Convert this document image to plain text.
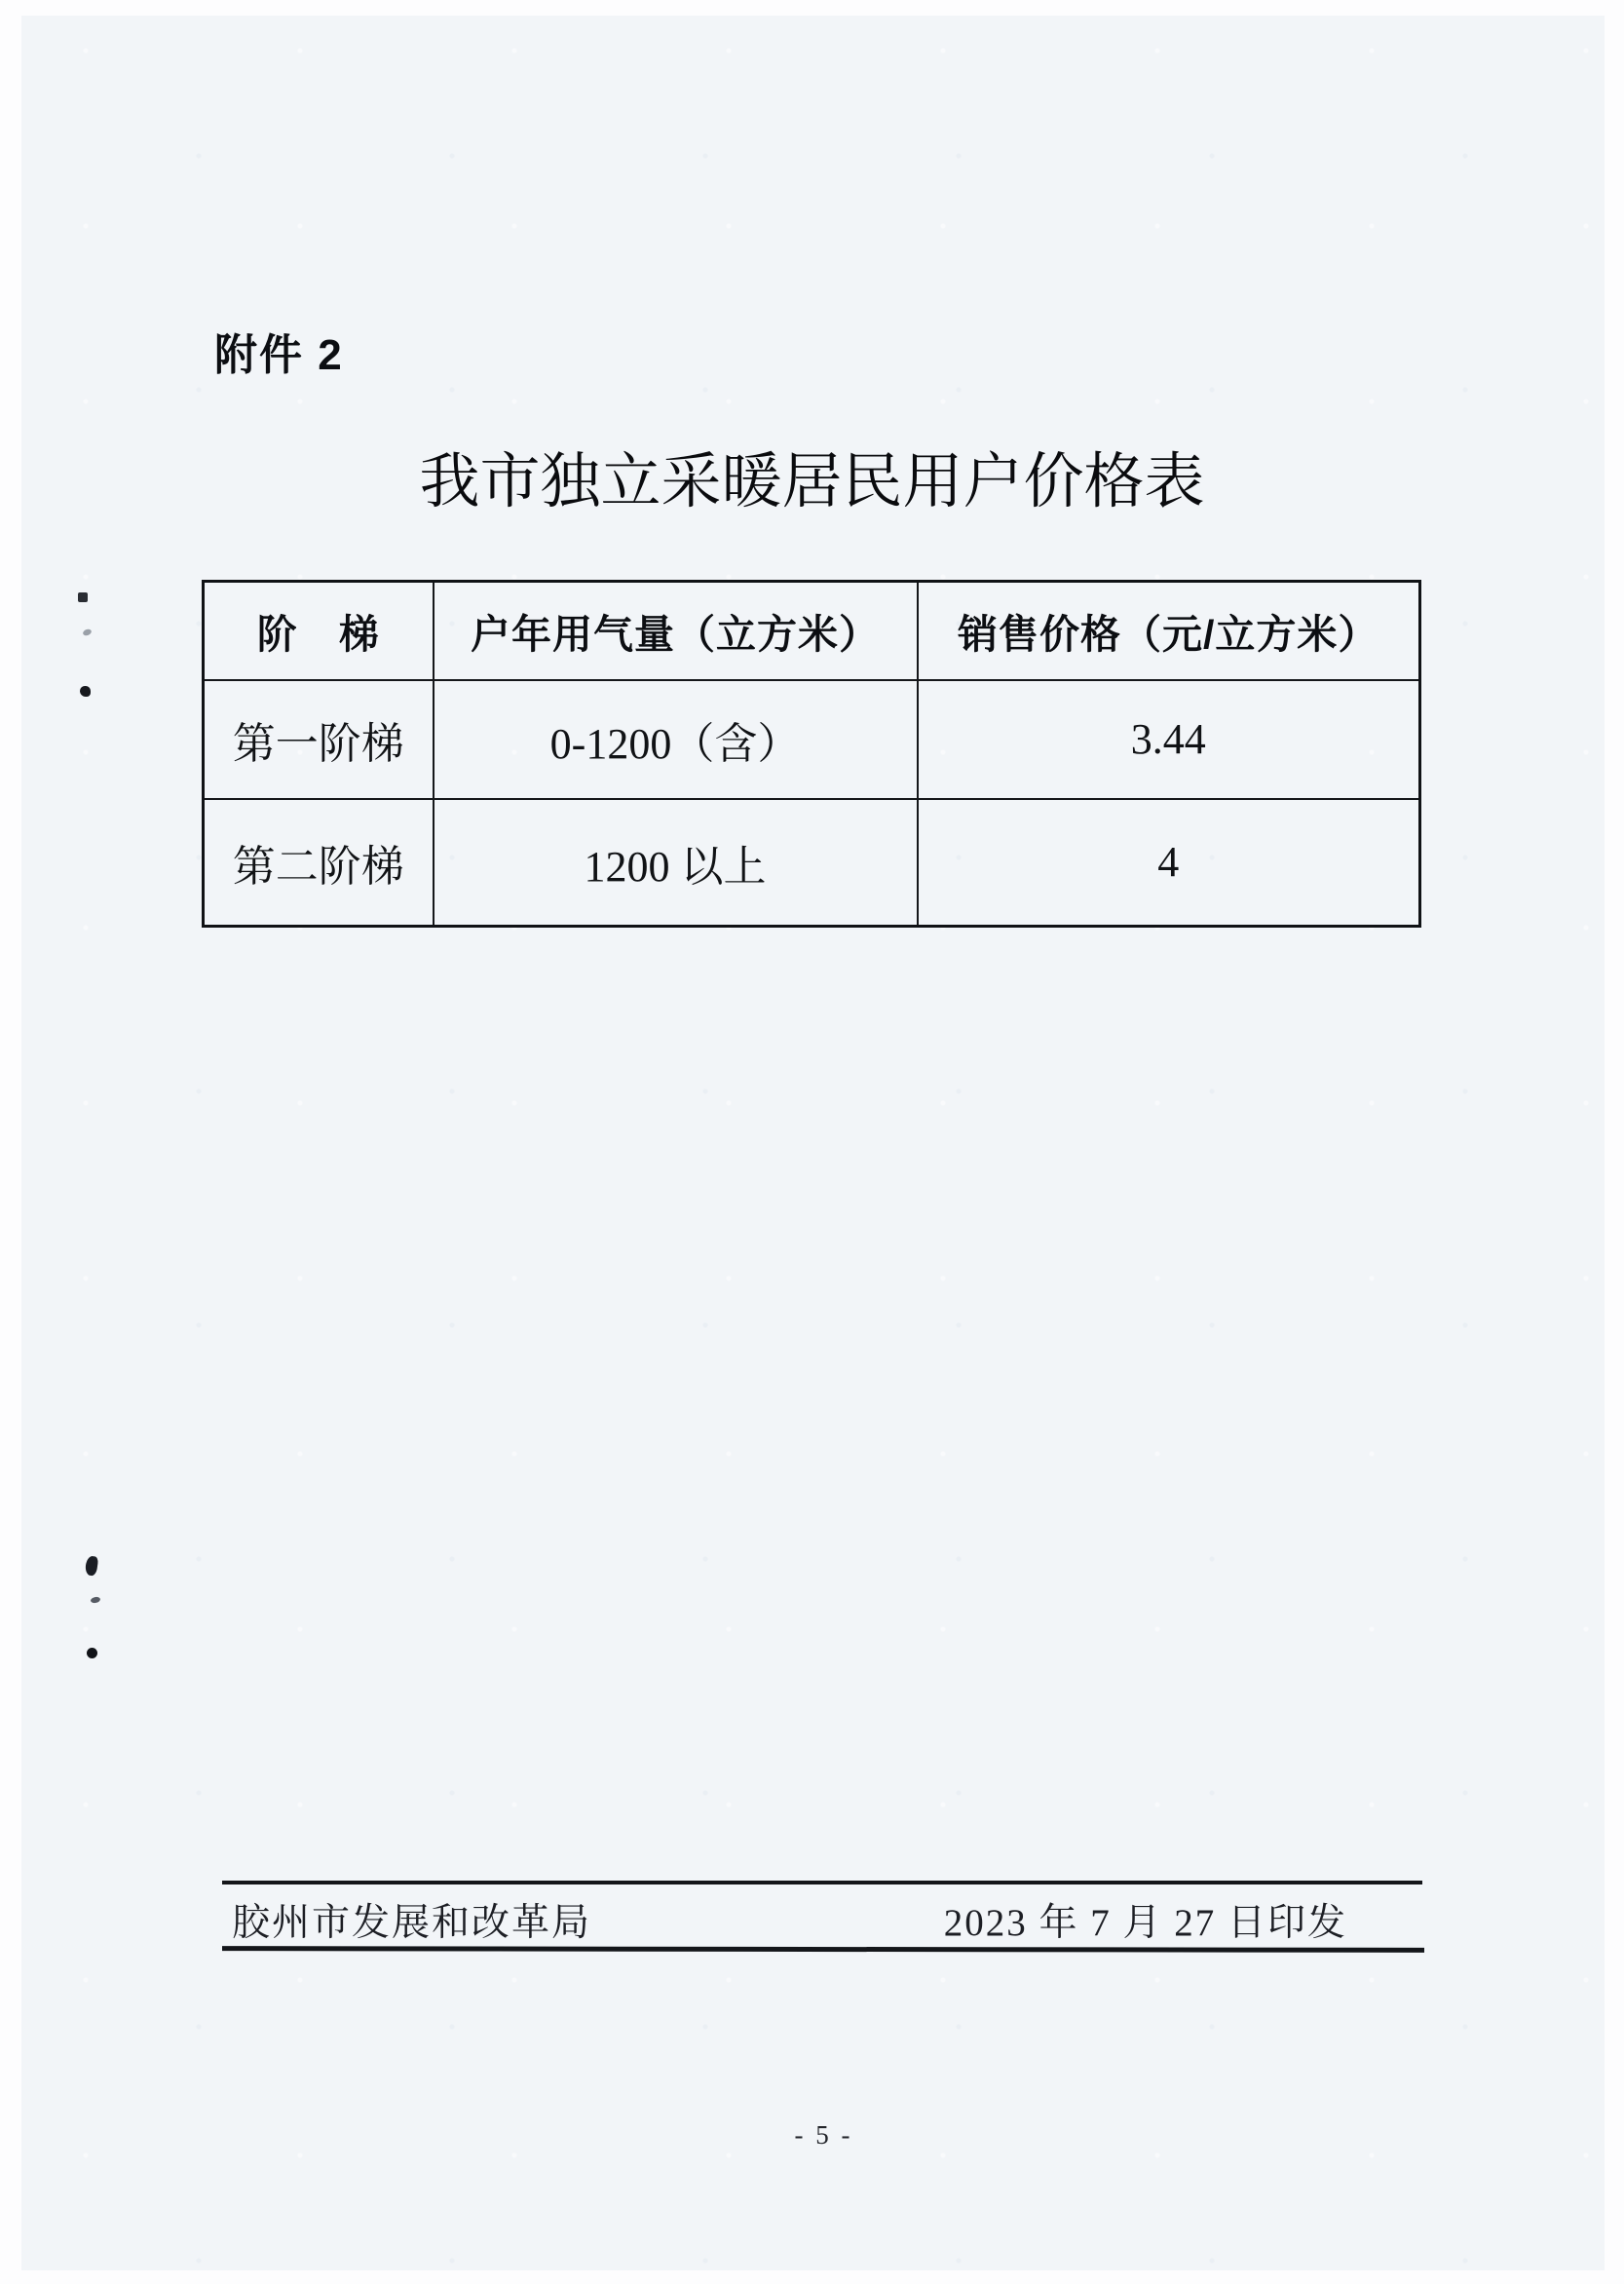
附件 2
我市独立采暖居民用户价格表
阶　梯	户年用气量（立方米）	销售价格（元/立方米）
第一阶梯	0-1200（含）	3.44
第二阶梯	1200 以上	4
胶州市发展和改革局	2023 年 7 月 27 日印发
- 5 -
